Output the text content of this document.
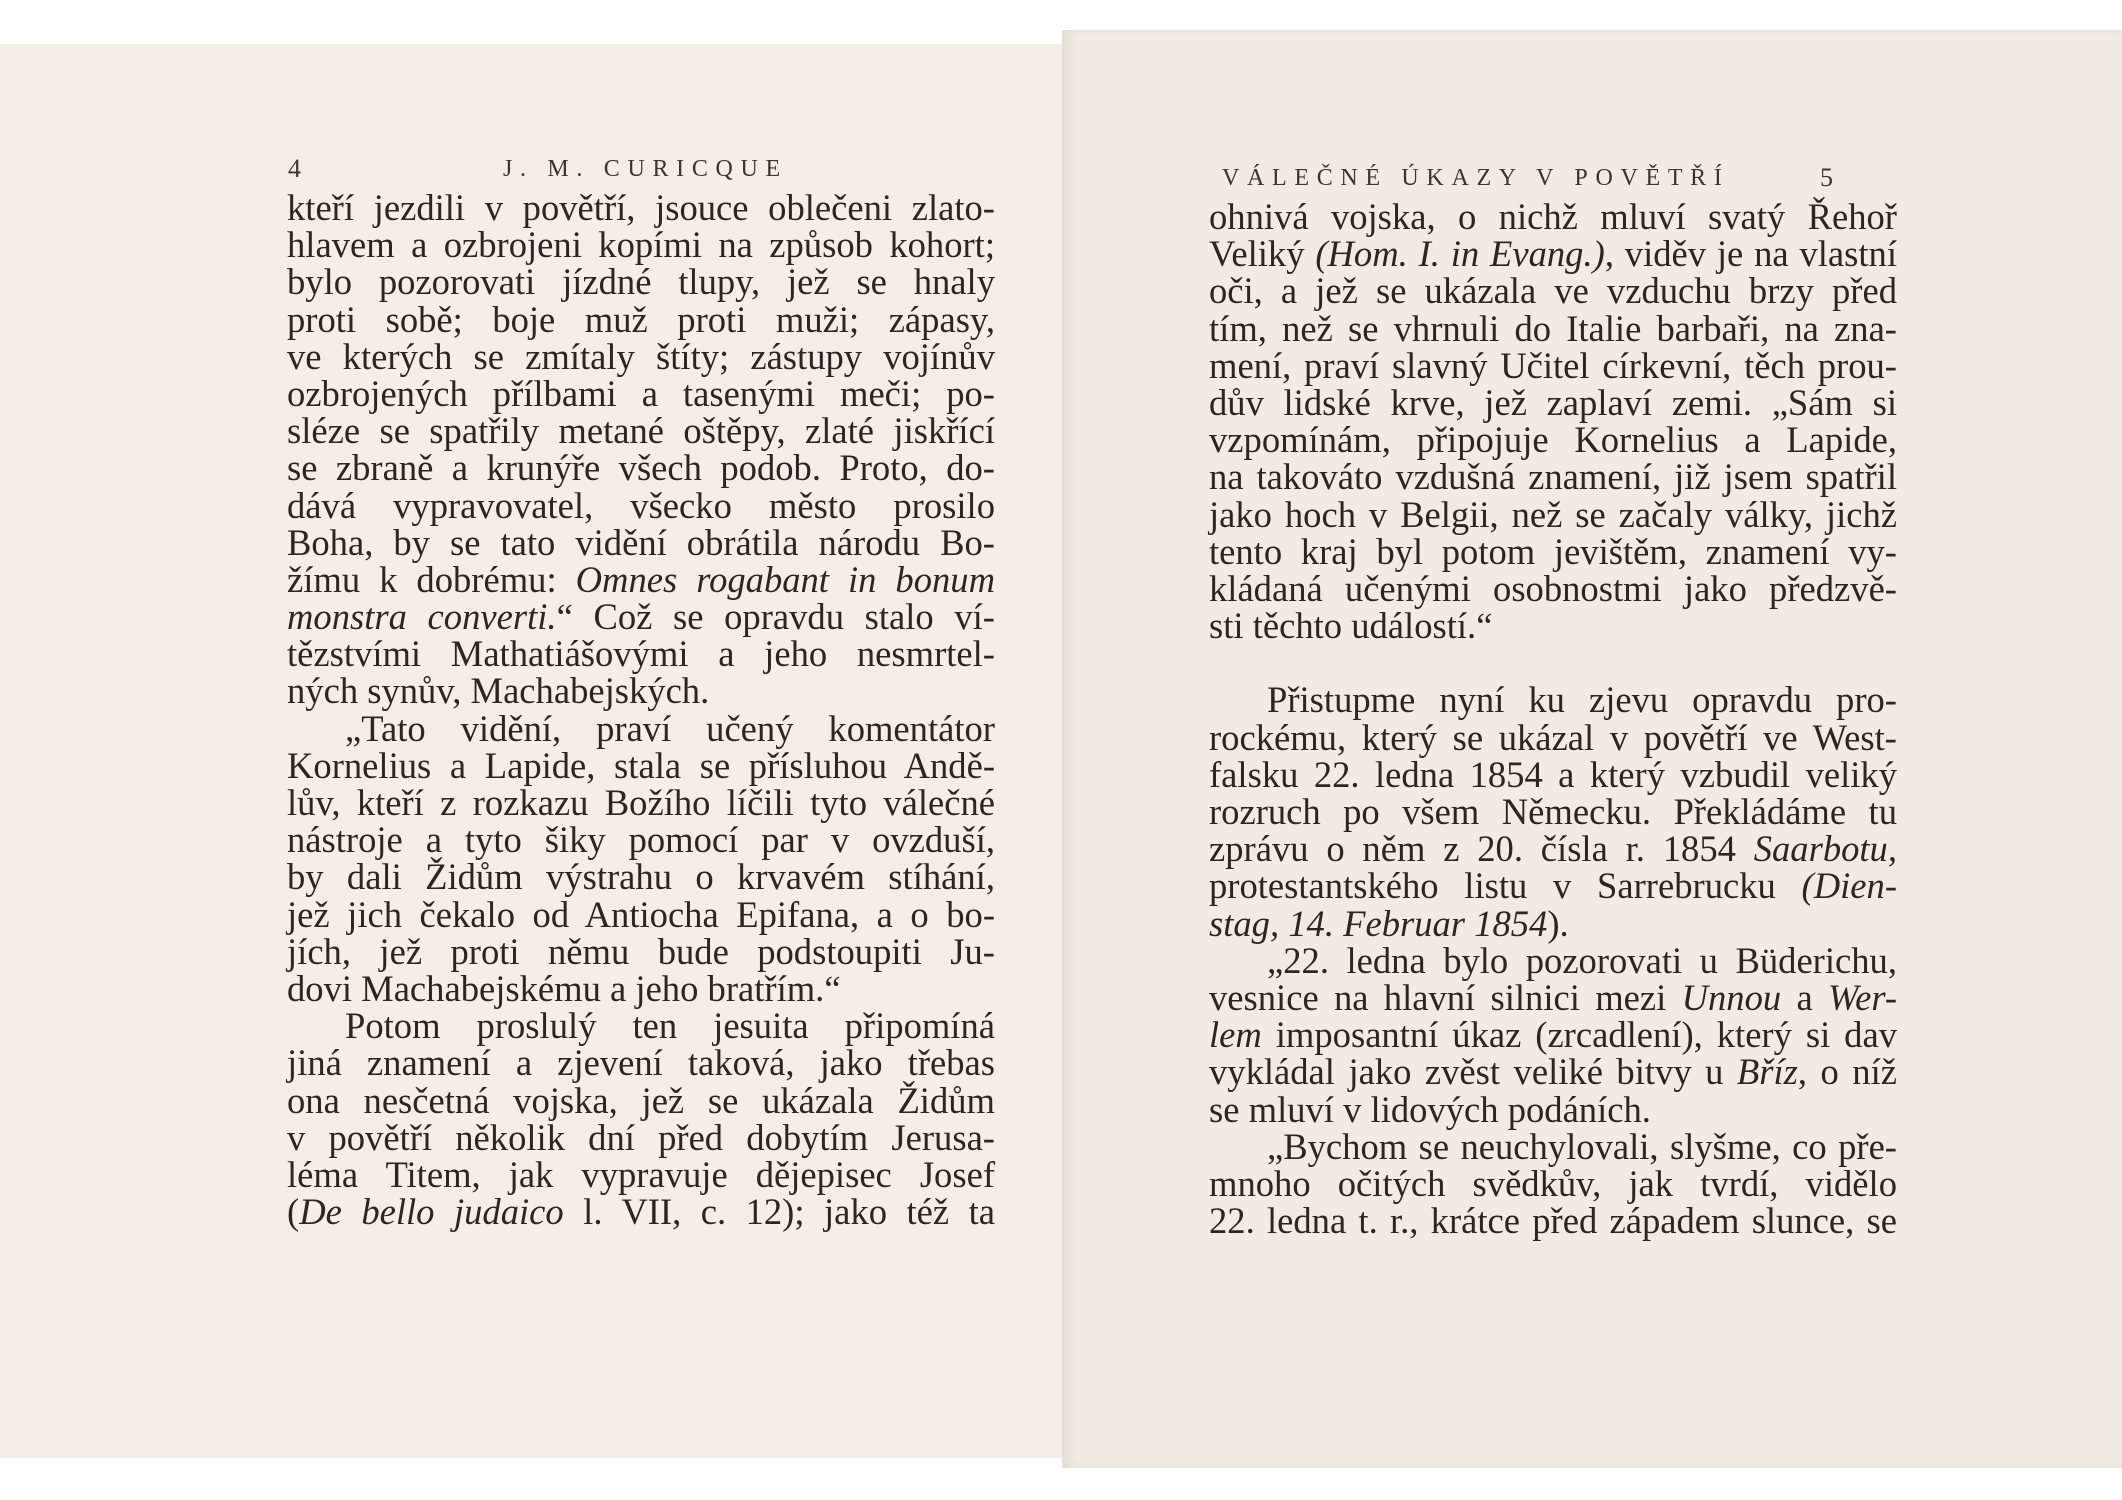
4	J. M. CURICQUE
kteří jezdili v povětří, jsouce oblečeni zlato-
hlavem a ozbrojeni kopími na způsob kohort;
bylo pozorovati jízdné tlupy, jež se hnaly
proti sobě; boje muž proti muži; zápasy,
ve kterých se zmítaly štíty; zástupy vojínův
ozbrojených přílbami a tasenými meči; po-
sléze se spatřily metané oštěpy, zlaté jiskřící
se zbraně a krunýře všech podob. Proto, do-
dává vypravovatel, všecko město prosilo
Boha, by se tato vidění obrátila národu Bo-
žímu k dobrému: Omnes rogabant in bonum
monstra converti.“ Což se opravdu stalo ví-
tězstvími Mathatiášovými a jeho nesmrtel-
ných synův, Machabejských.
„Tato vidění, praví učený komentátor
Kornelius a Lapide, stala se přísluhou Andě-
lův, kteří z rozkazu Božího líčili tyto válečné
nástroje a tyto šiky pomocí par v ovzduší,
by dali Židům výstrahu o krvavém stíhání,
jež jich čekalo od Antiocha Epifana, a o bo-
jích, jež proti němu bude podstoupiti Ju-
dovi Machabejskému a jeho bratřím.“
Potom proslulý ten jesuita připomíná
jiná znamení a zjevení taková, jako třebas
ona nesčetná vojska, jež se ukázala Židům
v povětří několik dní před dobytím Jerusa-
léma Titem, jak vypravuje dějepisec Josef
(De bello judaico l. VII, c. 12); jako též ta
VÁLEČNÉ ÚKAZY V POVĚTŘÍ	5
ohnivá vojska, o nichž mluví svatý Řehoř
Veliký (Hom. I. in Evang.), viděv je na vlastní
oči, a jež se ukázala ve vzduchu brzy před
tím, než se vhrnuli do Italie barbaři, na zna-
mení, praví slavný Učitel církevní, těch prou-
dův lidské krve, jež zaplaví zemi. „Sám si
vzpomínám, připojuje Kornelius a Lapide,
na takováto vzdušná znamení, již jsem spatřil
jako hoch v Belgii, než se začaly války, jichž
tento kraj byl potom jevištěm, znamení vy-
kládaná učenými osobnostmi jako předzvě-
sti těchto událostí.“
Přistupme nyní ku zjevu opravdu pro-
rockému, který se ukázal v povětří ve West-
falsku 22. ledna 1854 a který vzbudil veliký
rozruch po všem Německu. Překládáme tu
zprávu o něm z 20. čísla r. 1854 Saarbotu,
protestantského listu v Sarrebrucku (Dien-
stag, 14. Februar 1854).
„22. ledna bylo pozorovati u Büderichu,
vesnice na hlavní silnici mezi Unnou a Wer-
lem imposantní úkaz (zrcadlení), který si dav
vykládal jako zvěst veliké bitvy u Bříz, o níž
se mluví v lidových podáních.
„Bychom se neuchylovali, slyšme, co pře-
mnoho očitých svědkův, jak tvrdí, vidělo
22. ledna t. r., krátce před západem slunce, se
